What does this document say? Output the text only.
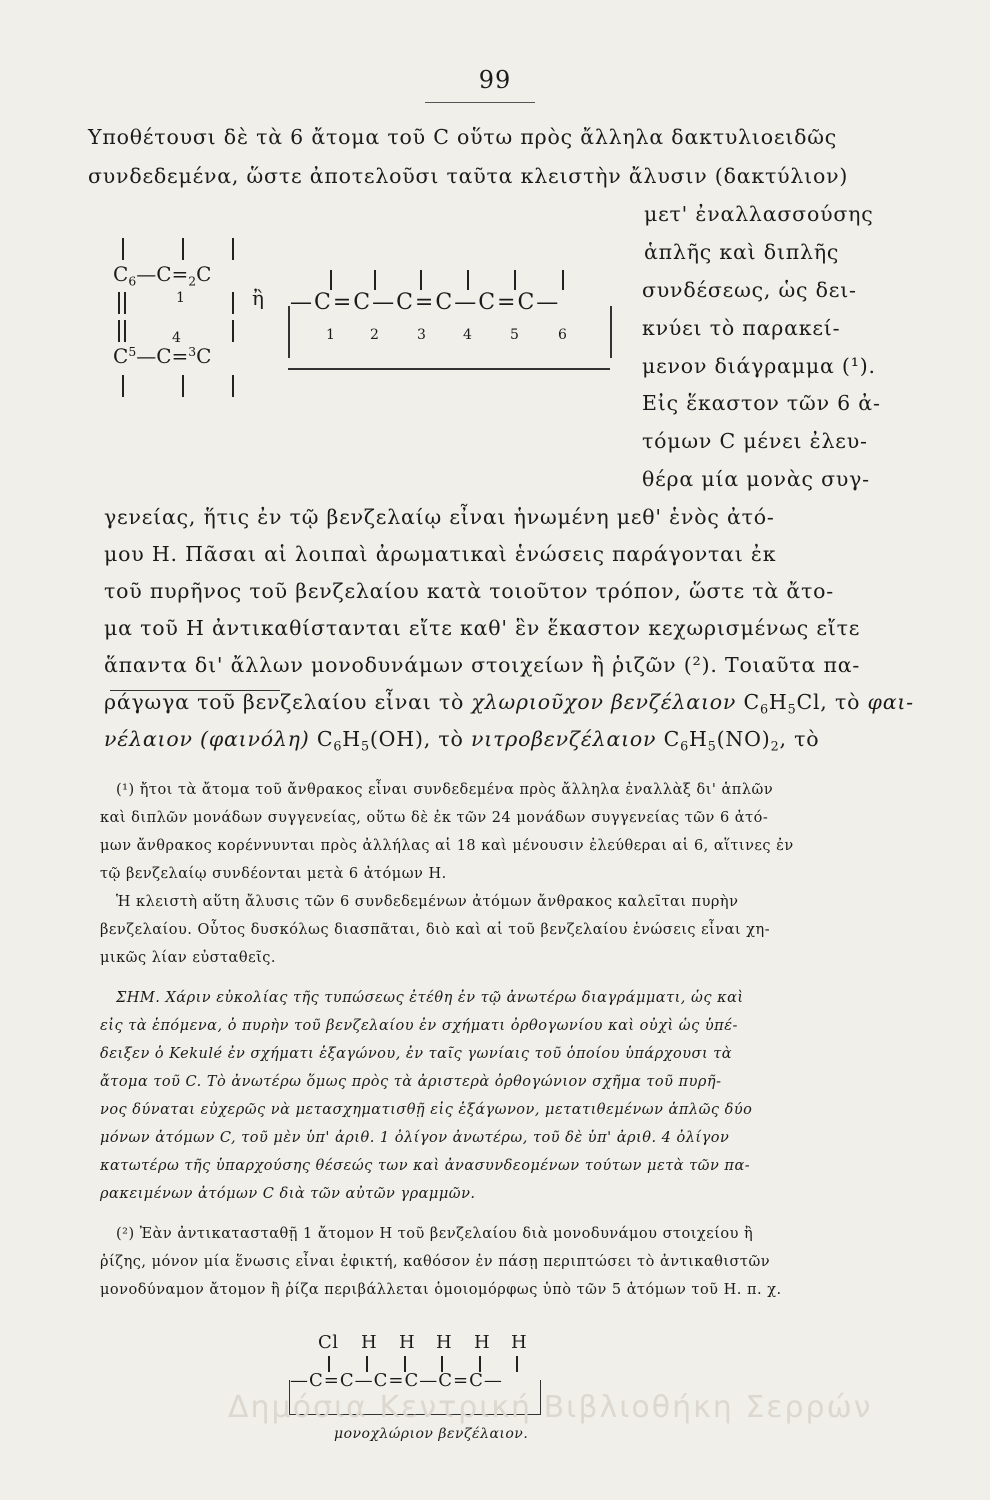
99
Υποθέτουσι δὲ τὰ 6 ἄτομα τοῦ C οὕτω πρὸς ἄλληλα δακτυλιοειδῶς
συνδεδεμένα, ὥστε ἀποτελοῦσι ταῦτα κλειστὴν ἄλυσιν (δακτύλιον)
μετ' ἐναλλασσούσης
ἁπλῆς καὶ διπλῆς
συνδέσεως, ὡς δει-
κνύει τὸ παρακεί-
μενον διάγραμμα (¹).
Εἰς ἕκαστον τῶν 6 ἀ-
τόμων C μένει ἐλευ-
θέρα μία μονὰς συγ-
γενείας, ἥτις ἐν τῷ βενζελαίῳ εἶναι ἡνωμένη μεθ' ἑνὸς ἀτό-
μου Η. Πᾶσαι αἱ λοιπαὶ ἀρωματικαὶ ἑνώσεις παράγονται ἐκ
τοῦ πυρῆνος τοῦ βενζελαίου κατὰ τοιοῦτον τρόπον, ὥστε τὰ ἄτο-
μα τοῦ Η ἀντικαθίστανται εἴτε καθ' ἓν ἕκαστον κεχωρισμένως εἴτε
ἅπαντα δι' ἄλλων μονοδυνάμων στοιχείων ἢ ῥιζῶν (²). Τοιαῦτα πα-
ράγωγα τοῦ βενζελαίου εἶναι τὸ χλωριοῦχον βενζέλαιον $C_6H_5Cl$, τὸ φαι-
νέλαιον (φαινόλη) $C_6H_5(OH)$, τὸ νιτροβενζέλαιον $C_6H_5(NO)_2$, τὸ
$C_6—C=_2C$
1
4
$C^5—C=^3C$
ἢ —C=C—C=C—C=C—
1	2	3	4	5	6
(¹) ἤτοι τὰ ἄτομα τοῦ ἄνθρακος εἶναι συνδεδεμένα πρὸς ἄλληλα ἐναλλὰξ δι' ἁπλῶν
καὶ διπλῶν μονάδων συγγενείας, οὕτω δὲ ἐκ τῶν 24 μονάδων συγγενείας τῶν 6 ἀτό-
μων ἄνθρακος κορέννυνται πρὸς ἀλλήλας αἱ 18 καὶ μένουσιν ἐλεύθεραι αἱ 6, αἵτινες ἐν
τῷ βενζελαίῳ συνδέονται μετὰ 6 ἀτόμων Η.
Ἡ κλειστὴ αὕτη ἄλυσις τῶν 6 συνδεδεμένων ἀτόμων ἄνθρακος καλεῖται πυρὴν
βενζελαίου. Οὗτος δυσκόλως διασπᾶται, διὸ καὶ αἱ τοῦ βενζελαίου ἑνώσεις εἶναι χη-
μικῶς λίαν εὐσταθεῖς.
ΣΗΜ. Χάριν εὐκολίας τῆς τυπώσεως ἐτέθη ἐν τῷ ἀνωτέρω διαγράμματι, ὡς καὶ
εἰς τὰ ἑπόμενα, ὁ πυρὴν τοῦ βενζελαίου ἐν σχήματι ὀρθογωνίου καὶ οὐχὶ ὡς ὑπέ-
δειξεν ὁ Kekulé ἐν σχήματι ἑξαγώνου, ἐν ταῖς γωνίαις τοῦ ὁποίου ὑπάρχουσι τὰ
ἄτομα τοῦ C. Τὸ ἀνωτέρω ὅμως πρὸς τὰ ἀριστερὰ ὀρθογώνιον σχῆμα τοῦ πυρῆ-
νος δύναται εὐχερῶς νὰ μετασχηματισθῇ εἰς ἑξάγωνον, μετατιθεμένων ἁπλῶς δύο
μόνων ἀτόμων C, τοῦ μὲν ὑπ' ἀριθ. 1 ὀλίγον ἀνωτέρω, τοῦ δὲ ὑπ' ἀριθ. 4 ὀλίγον
κατωτέρω τῆς ὑπαρχούσης θέσεώς των καὶ ἀνασυνδεομένων τούτων μετὰ τῶν πα-
ρακειμένων ἀτόμων C διὰ τῶν αὐτῶν γραμμῶν.
(²) Ἐὰν ἀντικατασταθῇ 1 ἄτομον Η τοῦ βενζελαίου διὰ μονοδυνάμου στοιχείου ἢ
ῥίζης, μόνον μία ἕνωσις εἶναι ἐφικτή, καθόσον ἐν πάσῃ περιπτώσει τὸ ἀντικαθιστῶν
μονοδύναμον ἄτομον ἢ ῥίζα περιβάλλεται ὁμοιομόρφως ὑπὸ τῶν 5 ἀτόμων τοῦ Η. π. χ.
Cl H H H H H
—C=C—C=C—C=C—
μονοχλώριον βενζέλαιον.
Δημόσια Κεντρική Βιβλιοθήκη Σερρών
